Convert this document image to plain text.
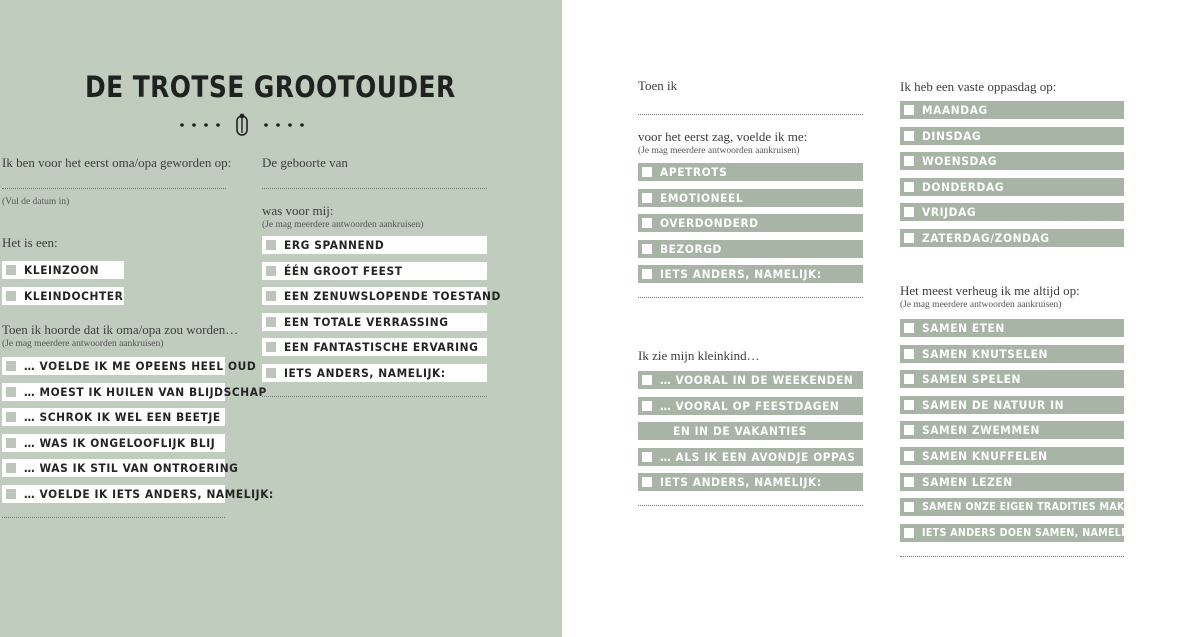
DE TROTSE GROOTOUDER
Ik ben voor het eerst oma/opa geworden op:
(Vul de datum in)
Het is een:
KLEINZOON
KLEINDOCHTER
Toen ik hoorde dat ik oma/opa zou worden…
(Je mag meerdere antwoorden aankruisen)
… VOELDE IK ME OPEENS HEEL OUD
… MOEST IK HUILEN VAN BLIJDSCHAP
… SCHROK IK WEL EEN BEETJE
… WAS IK ONGELOOFLIJK BLIJ
… WAS IK STIL VAN ONTROERING
… VOELDE IK IETS ANDERS, NAMELIJK:
De geboorte van
was voor mij:
(Je mag meerdere antwoorden aankruisen)
ERG SPANNEND
ÉÉN GROOT FEEST
EEN ZENUWSLOPENDE TOESTAND
EEN TOTALE VERRASSING
EEN FANTASTISCHE ERVARING
IETS ANDERS, NAMELIJK:
Toen ik
voor het eerst zag, voelde ik me:
(Je mag meerdere antwoorden aankruisen)
APETROTS
EMOTIONEEL
OVERDONDERD
BEZORGD
IETS ANDERS, NAMELIJK:
Ik zie mijn kleinkind…
… VOORAL IN DE WEEKENDEN
… VOORAL OP FEESTDAGEN
EN IN DE VAKANTIES
… ALS IK EEN AVONDJE OPPAS
IETS ANDERS, NAMELIJK:
Ik heb een vaste oppasdag op:
MAANDAG
DINSDAG
WOENSDAG
DONDERDAG
VRIJDAG
ZATERDAG/ZONDAG
Het meest verheug ik me altijd op:
(Je mag meerdere antwoorden aankruisen)
SAMEN ETEN
SAMEN KNUTSELEN
SAMEN SPELEN
SAMEN DE NATUUR IN
SAMEN ZWEMMEN
SAMEN KNUFFELEN
SAMEN LEZEN
SAMEN ONZE EIGEN TRADITIES MAKEN
IETS ANDERS DOEN SAMEN, NAMELIJK:
